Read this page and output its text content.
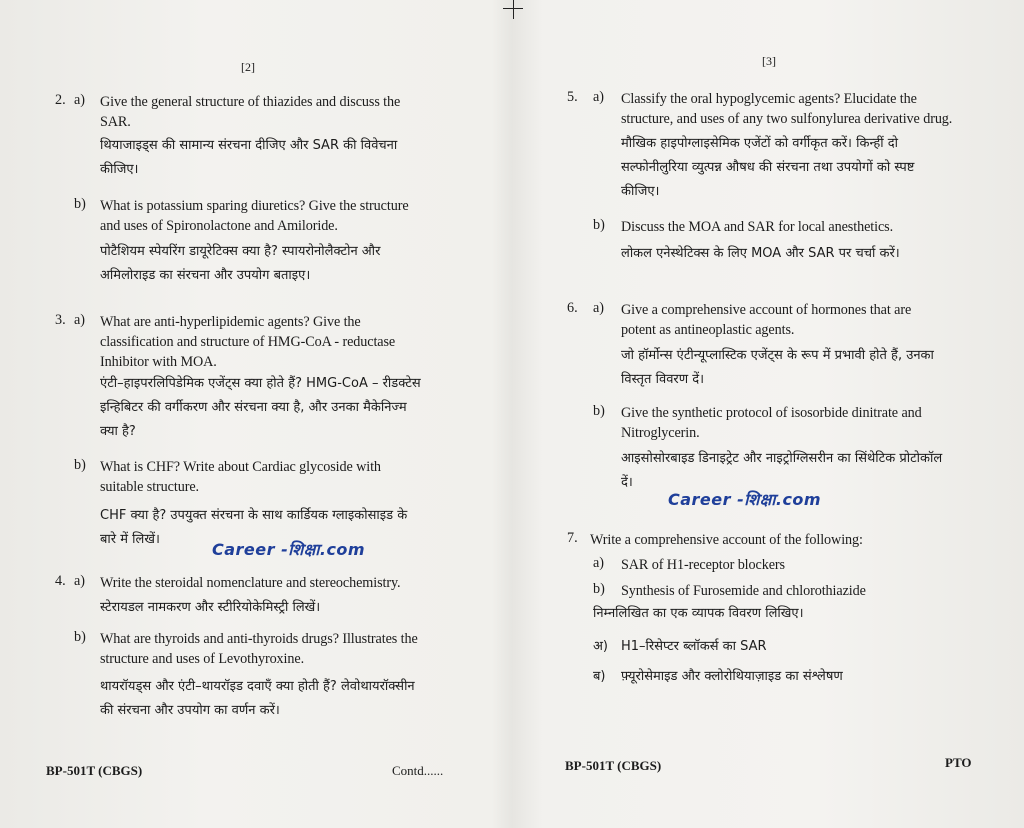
[2]
2. a) Give the general structure of thiazides and discuss the
SAR.
थियाजाइड्स की सामान्य संरचना दीजिए और SAR की विवेचना
कीजिए।
b) What is potassium sparing diuretics? Give the structure
and uses of Spironolactone and Amiloride.
पोटैशियम स्पेयरिंग डायूरेटिक्स क्या है? स्पायरोनोलैक्टोन और
अमिलोराइड का संरचना और उपयोग बताइए।
3. a) What are anti-hyperlipidemic agents? Give the
classification and structure of HMG-CoA - reductase
Inhibitor with MOA.
एंटी–हाइपरलिपिडेमिक एजेंट्स क्या होते हैं? HMG-CoA – रीडक्टेस
इन्हिबिटर की वर्गीकरण और संरचना क्या है, और उनका मैकेनिज्म
क्या है?
b) What is CHF? Write about Cardiac glycoside with
suitable structure.
CHF क्या है? उपयुक्त संरचना के साथ कार्डियक ग्लाइकोसाइड के
बारे में लिखें।
Career -शिक्षा.com
4. a) Write the steroidal nomenclature and stereochemistry.
स्टेरायडल नामकरण और स्टीरियोकेमिस्ट्री लिखें।
b) What are thyroids and anti-thyroids drugs? Illustrates the
structure and uses of Levothyroxine.
थायरॉयड्स और एंटी–थायरॉइड दवाएँ क्या होती हैं? लेवोथायरॉक्सीन
की संरचना और उपयोग का वर्णन करें।
BP-501T (CBGS)	Contd......
[3]
5. a) Classify the oral hypoglycemic agents? Elucidate the
structure, and uses of any two sulfonylurea derivative drug.
मौखिक हाइपोग्लाइसेमिक एजेंटों को वर्गीकृत करें। किन्हीं दो
सल्फोनीलुरिया व्युत्पन्न औषध की संरचना तथा उपयोगों को स्पष्ट
कीजिए।
b) Discuss the MOA and SAR for local anesthetics.
लोकल एनेस्थेटिक्स के लिए MOA और SAR पर चर्चा करें।
6. a) Give a comprehensive account of hormones that are
potent as antineoplastic agents.
जो हॉर्मोन्स एंटीन्यूप्लास्टिक एजेंट्स के रूप में प्रभावी होते हैं, उनका
विस्तृत विवरण दें।
b) Give the synthetic protocol of isosorbide dinitrate and
Nitroglycerin.
आइसोसोरबाइड डिनाइट्रेट और नाइट्रोग्लिसरीन का सिंथेटिक प्रोटोकॉल
दें।
Career -शिक्षा.com
7. Write a comprehensive account of the following:
a) SAR of H1-receptor blockers
b) Synthesis of Furosemide and chlorothiazide
निम्नलिखित का एक व्यापक विवरण लिखिए।
अ) H1–रिसेप्टर ब्लॉकर्स का SAR
ब) फ़्यूरोसेमाइड और क्लोरोथियाज़ाइड का संश्लेषण
BP-501T (CBGS)	PTO
